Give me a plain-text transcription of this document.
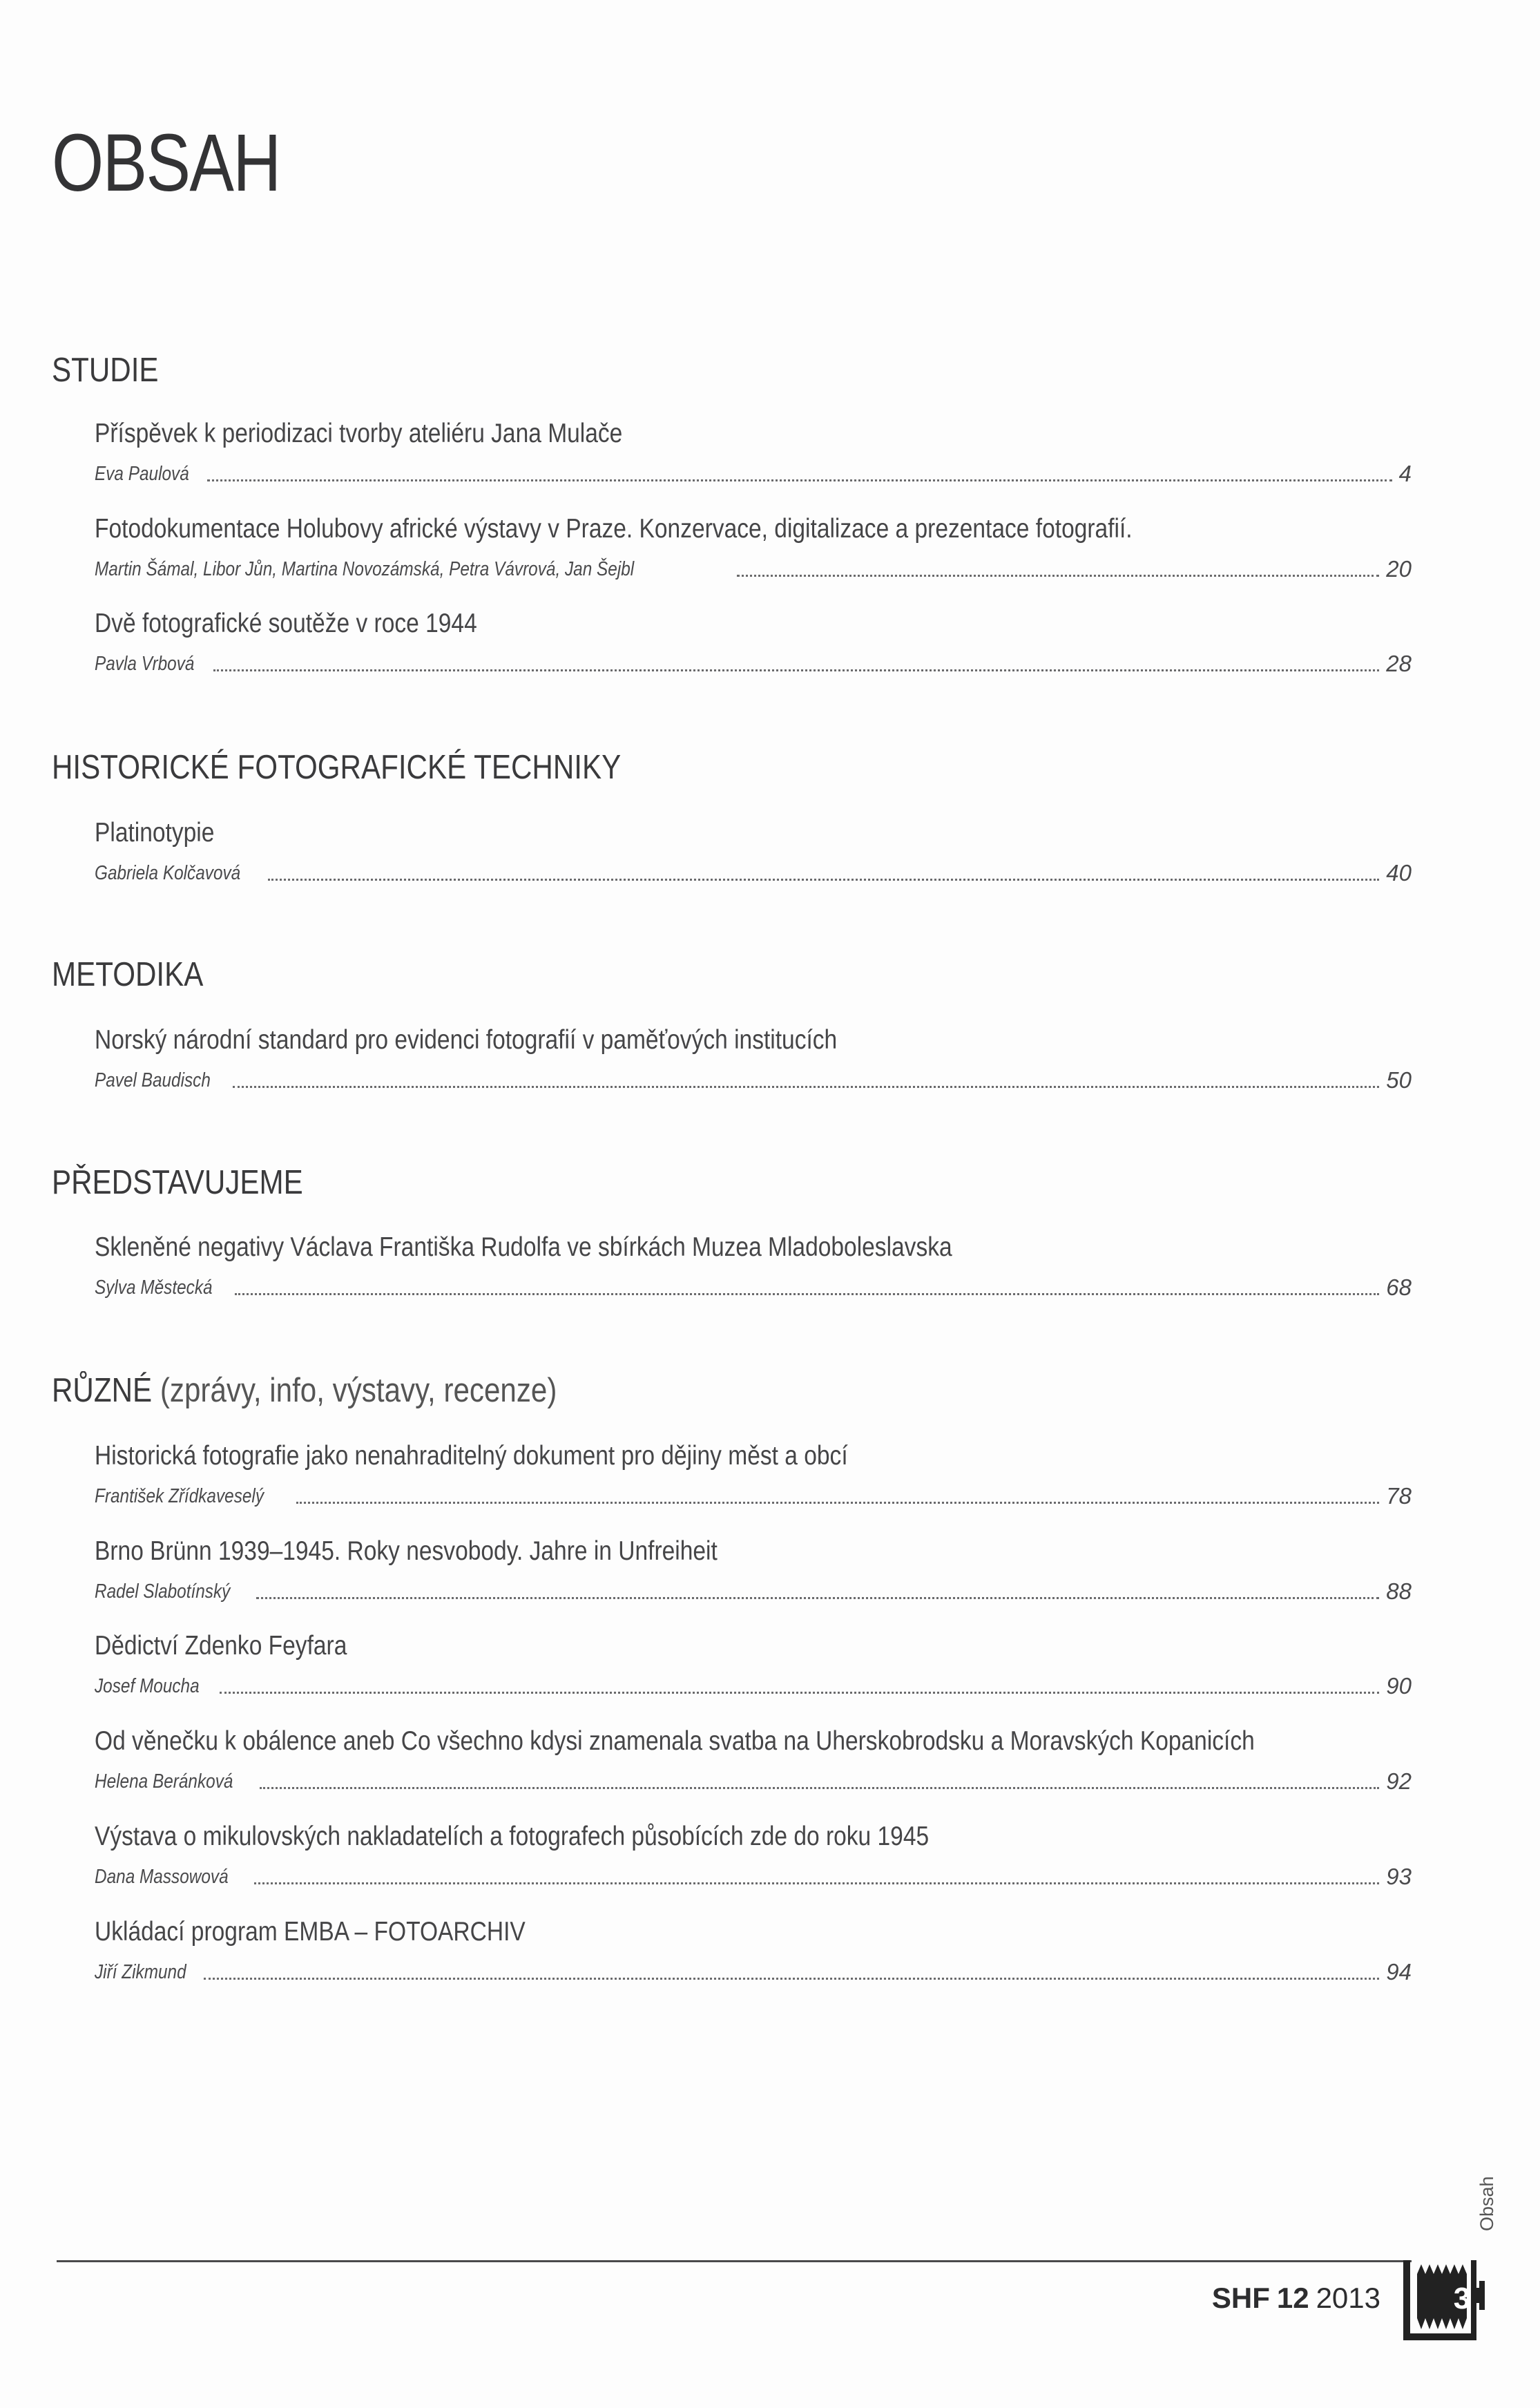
OBSAH
STUDIE
Příspěvek k periodizaci tvorby ateliéru Jana Mulače
Eva Paulová	4
Fotodokumentace Holubovy africké výstavy v Praze. Konzervace, digitalizace a prezentace fotografií.
Martin Šámal, Libor Jůn, Martina Novozámská, Petra Vávrová, Jan Šejbl	20
Dvě fotografické soutěže v roce 1944
Pavla Vrbová	28
HISTORICKÉ FOTOGRAFICKÉ TECHNIKY
Platinotypie
Gabriela Kolčavová	40
METODIKA
Norský národní standard pro evidenci fotografií v paměťových institucích
Pavel Baudisch	50
PŘEDSTAVUJEME
Skleněné negativy Václava Františka Rudolfa ve sbírkách Muzea Mladoboleslavska
Sylva Městecká	68
RŮZNÉ (zprávy, info, výstavy, recenze)
Historická fotografie jako nenahraditelný dokument pro dějiny měst a obcí
František Zřídkaveselý	78
Brno Brünn 1939–1945. Roky nesvobody. Jahre in Unfreiheit
Radel Slabotínský	88
Dědictví Zdenko Feyfara
Josef Moucha	90
Od věnečku k obálence aneb Co všechno kdysi znamenala svatba na Uherskobrodsku a Moravských Kopanicích
Helena Beránková	92
Výstava o mikulovských nakladatelích a fotografech působících zde do roku 1945
Dana Massowová	93
Ukládací program EMBA – FOTOARCHIV
Jiří Zikmund	94
Obsah
SHF 12 2013 3
